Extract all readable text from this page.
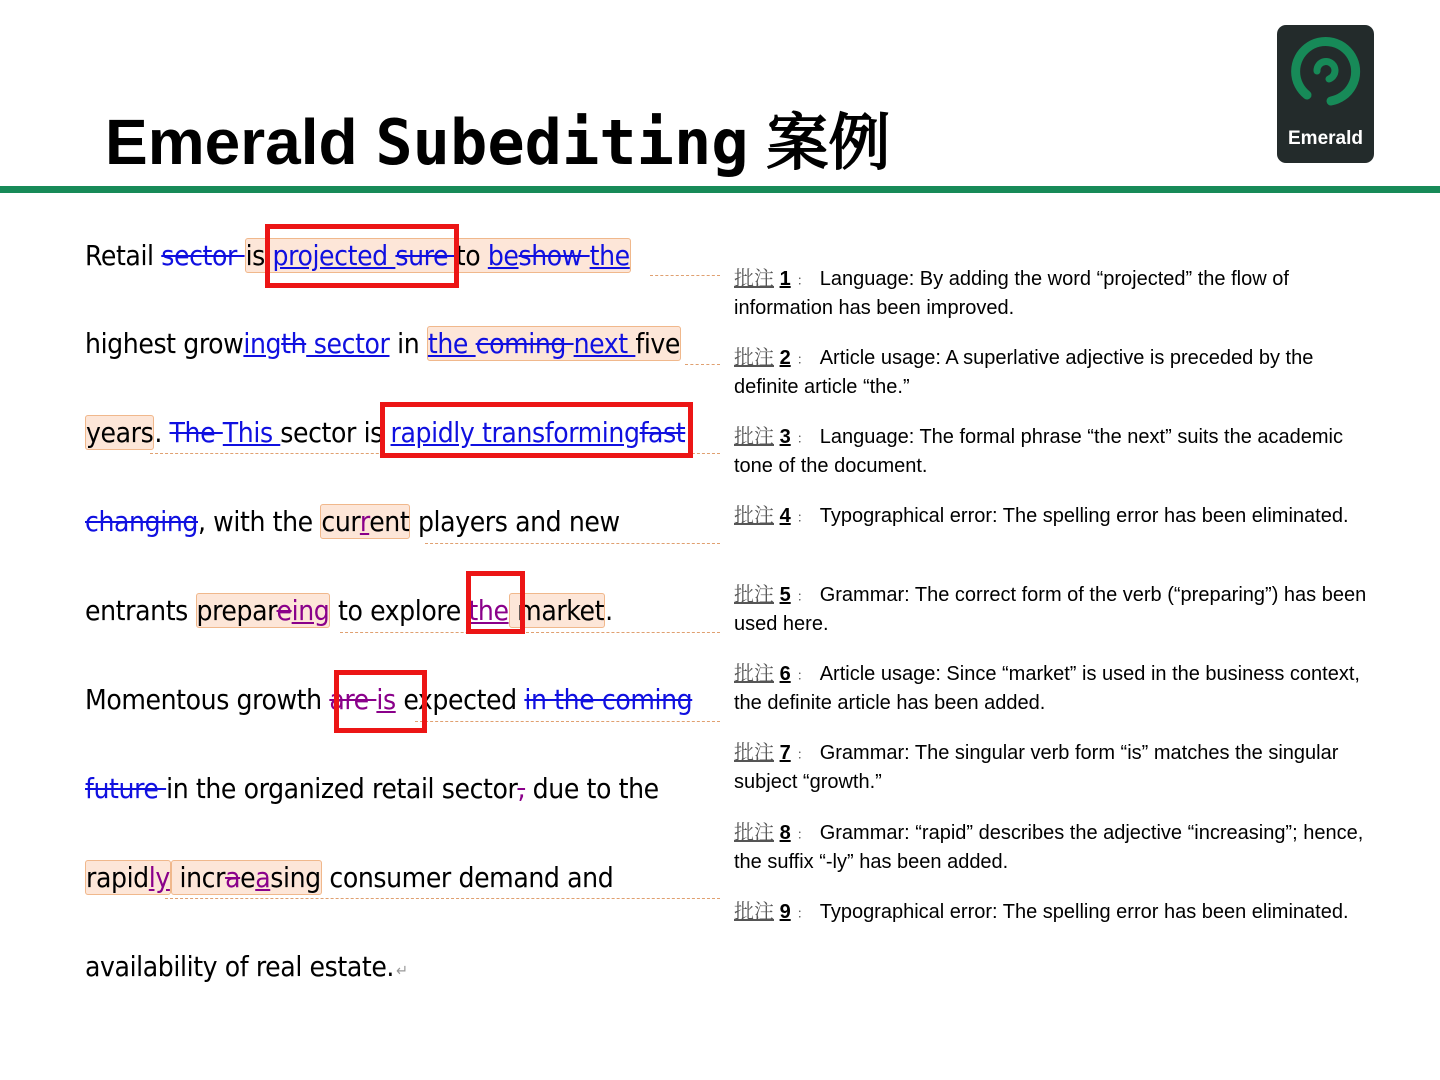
Emerald Subediting 案例	Emerald
Retail sector is projected sure to beshow the
highest growingth sector in the coming next five
years. The This sector is rapidly transformingfast
changing, with the current players and new
entrants prepareing to explore the market.
Momentous growth are is expected in the coming
future in the organized retail sector, due to the
rapidly incraeasing consumer demand and
availability of real estate. ↵
批注 1 ： Language: By adding the word “projected” the flow of information has been improved.
批注 2 ： Article usage: A superlative adjective is preceded by the definite article “the.”
批注 3 ： Language: The formal phrase “the next” suits the academic tone of the document.
批注 4 ： Typographical error: The spelling error has been eliminated.
批注 5 ： Grammar: The correct form of the verb (“preparing”) has been used here.
批注 6 ： Article usage: Since “market” is used in the business context, the definite article has been added.
批注 7 ： Grammar: The singular verb form “is” matches the singular subject “growth.”
批注 8 ： Grammar: “rapid” describes the adjective “increasing”; hence, the suffix “-ly” has been added.
批注 9 ： Typographical error: The spelling error has been eliminated.
